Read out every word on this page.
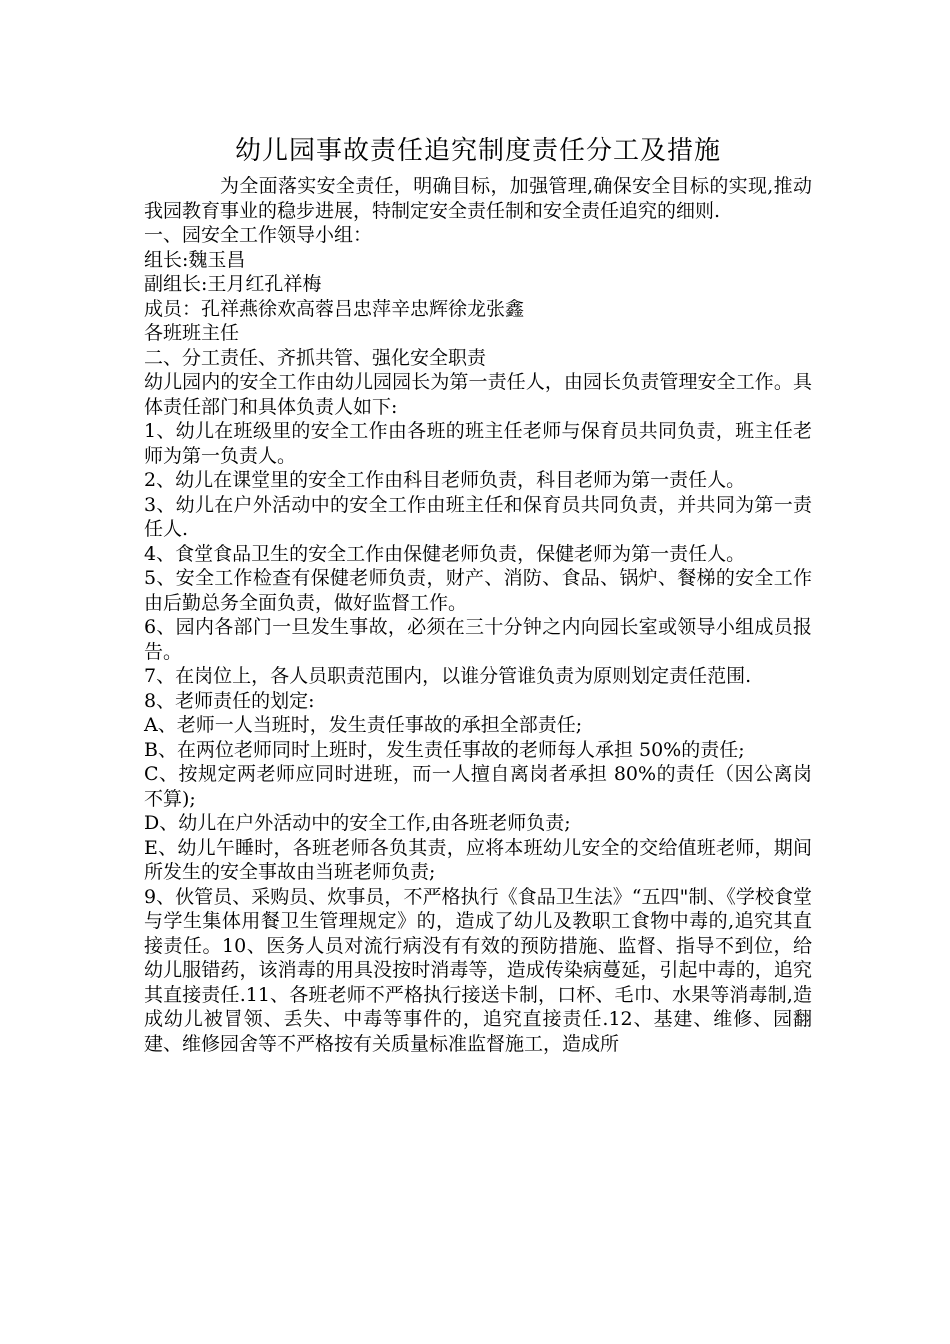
幼儿园事故责任追究制度责任分工及措施

为全面落实安全责任，明确目标，加强管理,确保安全目标的实现,推动我园教育事业的稳步进展，特制定安全责任制和安全责任追究的细则.

一、园安全工作领导小组：

组长:魏玉昌

副组长:王月红孔祥梅

成员：孔祥燕徐欢高蓉吕忠萍辛忠辉徐龙张鑫

各班班主任

二、分工责任、齐抓共管、强化安全职责

幼儿园内的安全工作由幼儿园园长为第一责任人，由园长负责管理安全工作。具体责任部门和具体负责人如下:

1、幼儿在班级里的安全工作由各班的班主任老师与保育员共同负责，班主任老师为第一负责人。

2、幼儿在课堂里的安全工作由科目老师负责，科目老师为第一责任人。

3、幼儿在户外活动中的安全工作由班主任和保育员共同负责，并共同为第一责任人.

4、食堂食品卫生的安全工作由保健老师负责，保健老师为第一责任人。

5、安全工作检查有保健老师负责，财产、消防、食品、锅炉、餐梯的安全工作由后勤总务全面负责，做好监督工作。

6、园内各部门一旦发生事故，必须在三十分钟之内向园长室或领导小组成员报告。

7、在岗位上，各人员职责范围内，以谁分管谁负责为原则划定责任范围.

8、老师责任的划定:

A、老师一人当班时，发生责任事故的承担全部责任;

B、在两位老师同时上班时，发生责任事故的老师每人承担 50%的责任;

C、按规定两老师应同时进班，而一人擅自离岗者承担 80%的责任（因公离岗不算);

D、幼儿在户外活动中的安全工作,由各班老师负责;

E、幼儿午睡时，各班老师各负其责，应将本班幼儿安全的交给值班老师，期间所发生的安全事故由当班老师负责;

9、伙管员、采购员、炊事员，不严格执行《食品卫生法》“五四"制、《学校食堂与学生集体用餐卫生管理规定》的，造成了幼儿及教职工食物中毒的,追究其直接责任。10、医务人员对流行病没有有效的预防措施、监督、指导不到位，给幼儿服错药，该消毒的用具没按时消毒等，造成传染病蔓延，引起中毒的，追究其直接责任.11、各班老师不严格执行接送卡制，口杯、毛巾、水果等消毒制,造成幼儿被冒领、丢失、中毒等事件的，追究直接责任.12、基建、维修、园翻建、维修园舍等不严格按有关质量标准监督施工，造成所
